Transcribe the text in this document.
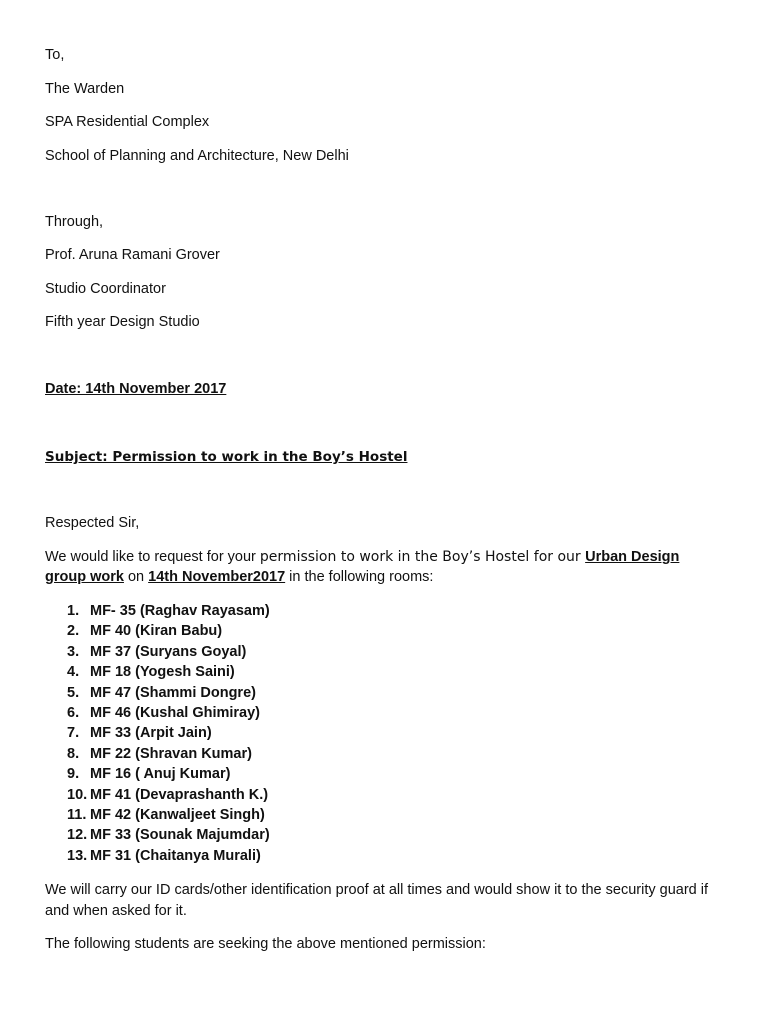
To,
The Warden
SPA Residential Complex
School of Planning and Architecture, New Delhi
Through,
Prof. Aruna Ramani Grover
Studio Coordinator
Fifth year Design Studio
Date: 14th November 2017
Subject: Permission to work in the Boy’s Hostel
Respected Sir,
We would like to request for your permission to work in the Boy’s Hostel for our Urban Design
group work on 14th November2017 in the following rooms:
1. MF- 35 (Raghav Rayasam)
2. MF 40 (Kiran Babu)
3. MF 37 (Suryans Goyal)
4. MF 18 (Yogesh Saini)
5. MF 47 (Shammi Dongre)
6. MF 46 (Kushal Ghimiray)
7. MF 33 (Arpit Jain)
8. MF 22 (Shravan Kumar)
9. MF 16 ( Anuj Kumar)
10. MF 41 (Devaprashanth K.)
11. MF 42 (Kanwaljeet Singh)
12. MF 33 (Sounak Majumdar)
13. MF 31 (Chaitanya Murali)
We will carry our ID cards/other identification proof at all times and would show it to the security guard if and when asked for it.
The following students are seeking the above mentioned permission:
